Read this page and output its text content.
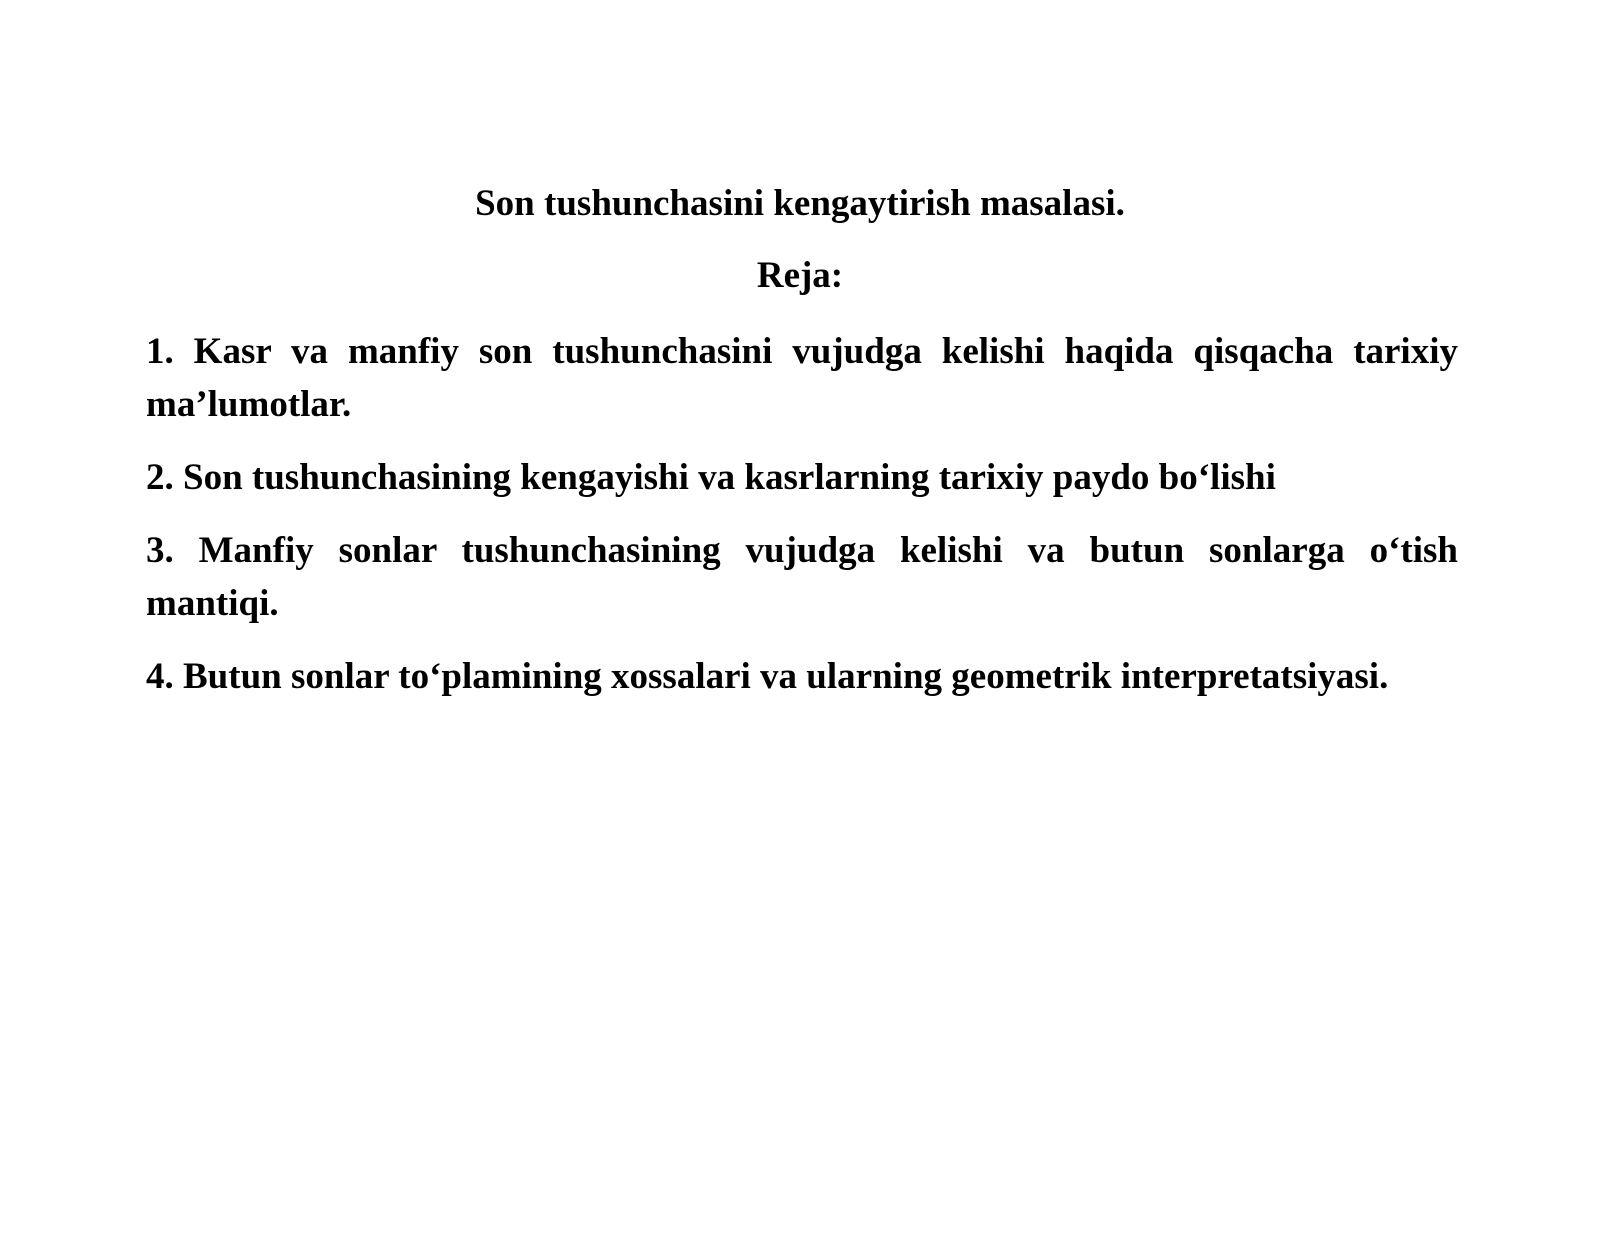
Son tushunchasini kengaytirish masalasi.
Reja:
1. Kasr va manfiy son tushunchasini vujudga kelishi haqida qisqacha tarixiy ma’lumotlar.
2. Son tushunchasining kengayishi va kasrlarning tarixiy paydo bo‘lishi
3. Manfiy sonlar tushunchasining vujudga kelishi va butun sonlarga o‘tish mantiqi.
4. Butun sonlar to‘plamining xossalari va ularning geometrik interpretatsiyasi.
